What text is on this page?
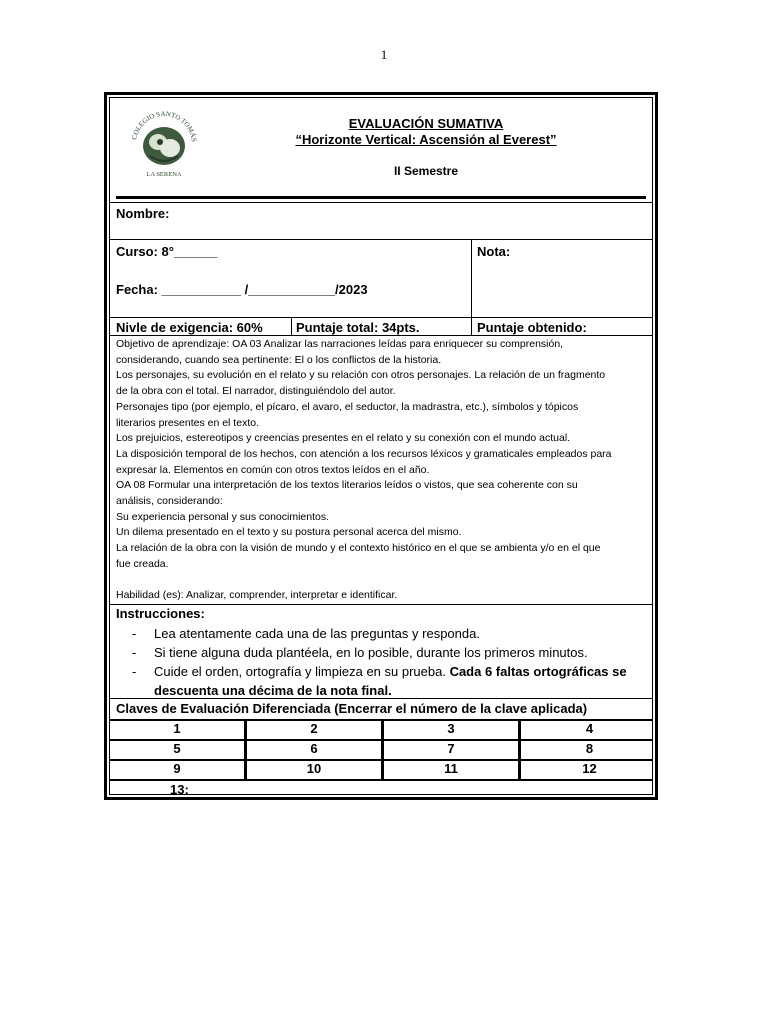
1
COLEGIO SANTO TOMÁS
LA SERENA
EVALUACIÓN SUMATIVA
“Horizonte Vertical: Ascensión al Everest”
II Semestre
Nombre:
Curso: 8°______
Fecha: ___________ /____________/2023
Nota:
Nivle de exigencia: 60%	Puntaje total: 34pts.	Puntaje obtenido:
Objetivo de aprendizaje: OA 03 Analizar las narraciones leídas para enriquecer su comprensión,
considerando, cuando sea pertinente: El o los conflictos de la historia.
Los personajes, su evolución en el relato y su relación con otros personajes. La relación de un fragmento
de la obra con el total. El narrador, distinguiéndolo del autor.
Personajes tipo (por ejemplo, el pícaro, el avaro, el seductor, la madrastra, etc.), símbolos y tópicos
literarios presentes en el texto.
Los prejuicios, estereotipos y creencias presentes en el relato y su conexión con el mundo actual.
La disposición temporal de los hechos, con atención a los recursos léxicos y gramaticales empleados para
expresar la. Elementos en común con otros textos leídos en el año.
OA 08 Formular una interpretación de los textos literarios leídos o vistos, que sea coherente con su
análisis, considerando:
Su experiencia personal y sus conocimientos.
Un dilema presentado en el texto y su postura personal acerca del mismo.
La relación de la obra con la visión de mundo y el contexto histórico en el que se ambienta y/o en el que
fue creada.
Habilidad (es): Analizar, comprender, interpretar e identificar.
Instrucciones:
- Lea atentamente cada una de las preguntas y responda.
- Si tiene alguna duda plantéela, en lo posible, durante los primeros minutos.
- Cuide el orden, ortografía y limpieza en su prueba. Cada 6 faltas ortográficas se descuenta una décima de la nota final.
Claves de Evaluación Diferenciada (Encerrar el número de la clave aplicada)
1	2	3	4
5	6	7	8
9	10	11	12
13:
